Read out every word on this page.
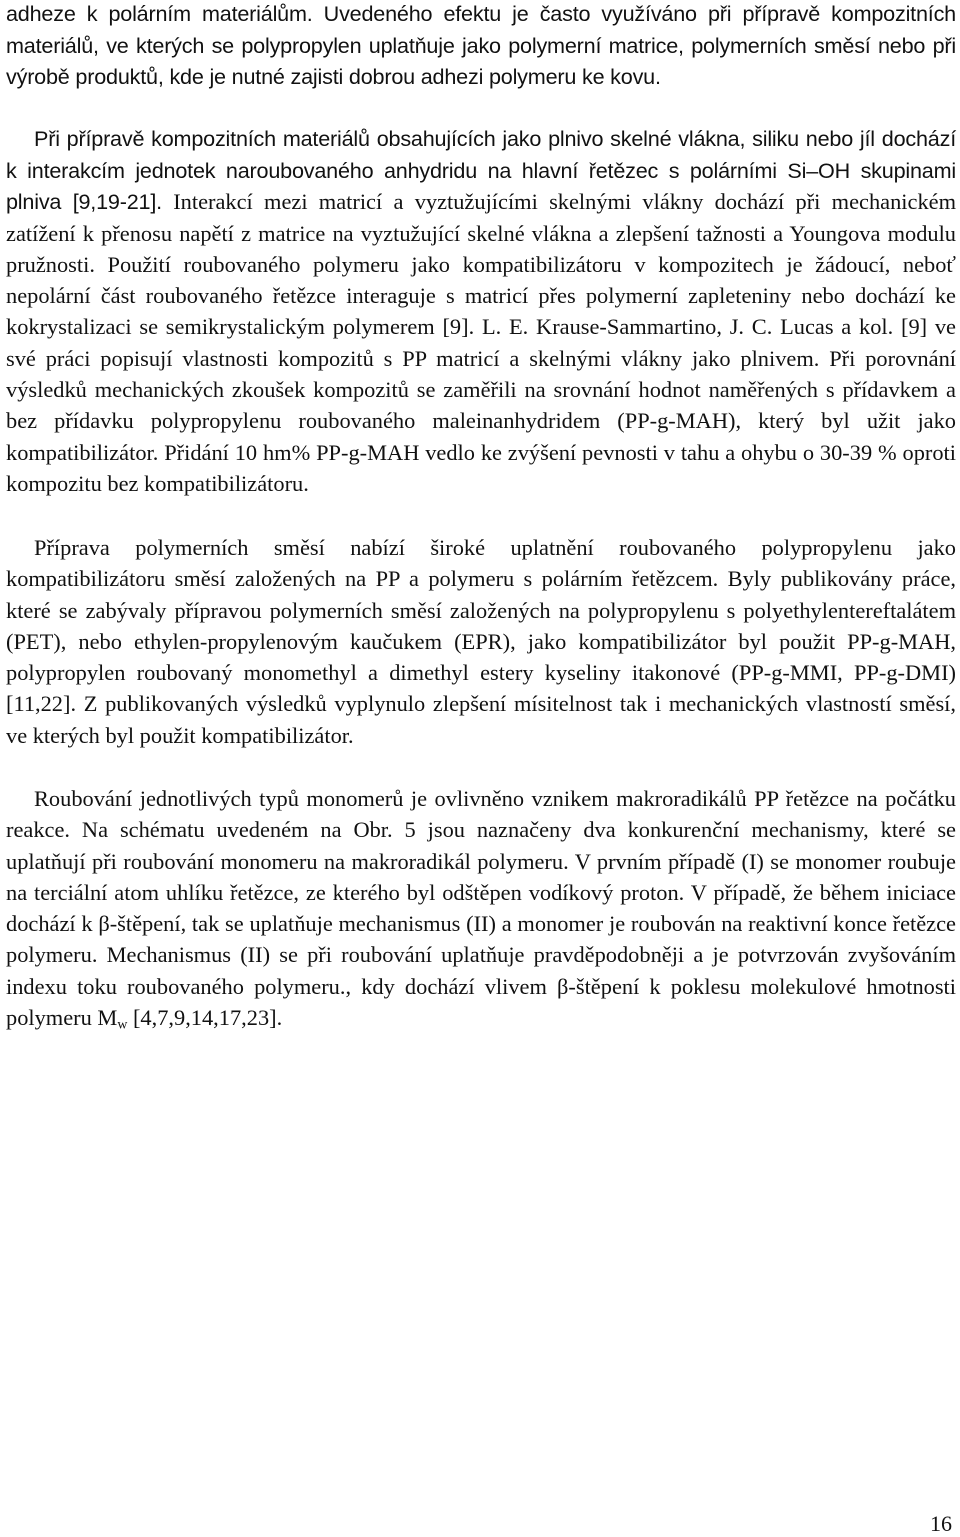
adheze k polárním materiálům. Uvedeného efektu je často využíváno při přípravě kompozitních materiálů, ve kterých se polypropylen uplatňuje jako polymerní matrice, polymerních směsí nebo při výrobě produktů, kde je nutné zajisti dobrou adhezi polymeru ke kovu.

Při přípravě kompozitních materiálů obsahujících jako plnivo skelné vlákna, siliku nebo jíl dochází k interakcím jednotek naroubovaného anhydridu na hlavní řetězec s polárními Si–OH skupinami plniva [9,19-21]. Interakcí mezi matricí a vyztužujícími skelnými vlákny dochází při mechanickém zatížení k přenosu napětí z matrice na vyztužující skelné vlákna a zlepšení tažnosti a Youngova modulu pružnosti. Použití roubovaného polymeru jako kompatibilizátoru v kompozitech je žádoucí, neboť nepolární část roubovaného řetězce interaguje s matricí přes polymerní zapleteniny nebo dochází ke kokrystalizaci se semikrystalickým polymerem [9]. L. E. Krause-Sammartino, J. C. Lucas a kol. [9] ve své práci popisují vlastnosti kompozitů s PP matricí a skelnými vlákny jako plnivem. Při porovnání výsledků mechanických zkoušek kompozitů se zaměřili na srovnání hodnot naměřených s přídavkem a bez přídavku polypropylenu roubovaného maleinanhydridem (PP-g-MAH), který byl užit jako kompatibilizátor. Přidání 10 hm% PP-g-MAH vedlo ke zvýšení pevnosti v tahu a ohybu o 30-39 % oproti kompozitu bez kompatibilizátoru.

Příprava polymerních směsí nabízí široké uplatnění roubovaného polypropylenu jako kompatibilizátoru směsí založených na PP a polymeru s polárním řetězcem. Byly publikovány práce, které se zabývaly přípravou polymerních směsí založených na polypropylenu s polyethylentereftalátem (PET), nebo ethylen-propylenovým kaučukem (EPR), jako kompatibilizátor byl použit PP-g-MAH, polypropylen roubovaný monomethyl a dimethyl estery kyseliny itakonové (PP-g-MMI, PP-g-DMI) [11,22]. Z publikovaných výsledků vyplynulo zlepšení mísitelnost tak i mechanických vlastností směsí, ve kterých byl použit kompatibilizátor.

Roubování jednotlivých typů monomerů je ovlivněno vznikem makroradikálů PP řetězce na počátku reakce. Na schématu uvedeném na Obr. 5 jsou naznačeny dva konkurenční mechanismy, které se uplatňují při roubování monomeru na makroradikál polymeru. V prvním případě (I) se monomer roubuje na terciální atom uhlíku řetězce, ze kterého byl odštěpen vodíkový proton. V případě, že během iniciace dochází k β-štěpení, tak se uplatňuje mechanismus (II) a monomer je roubován na reaktivní konce řetězce polymeru. Mechanismus (II) se při roubování uplatňuje pravděpodobněji a je potvrzován zvyšováním indexu toku roubovaného polymeru., kdy dochází vlivem β-štěpení k poklesu molekulové hmotnosti polymeru $M_w$ [4,7,9,14,17,23].

16
